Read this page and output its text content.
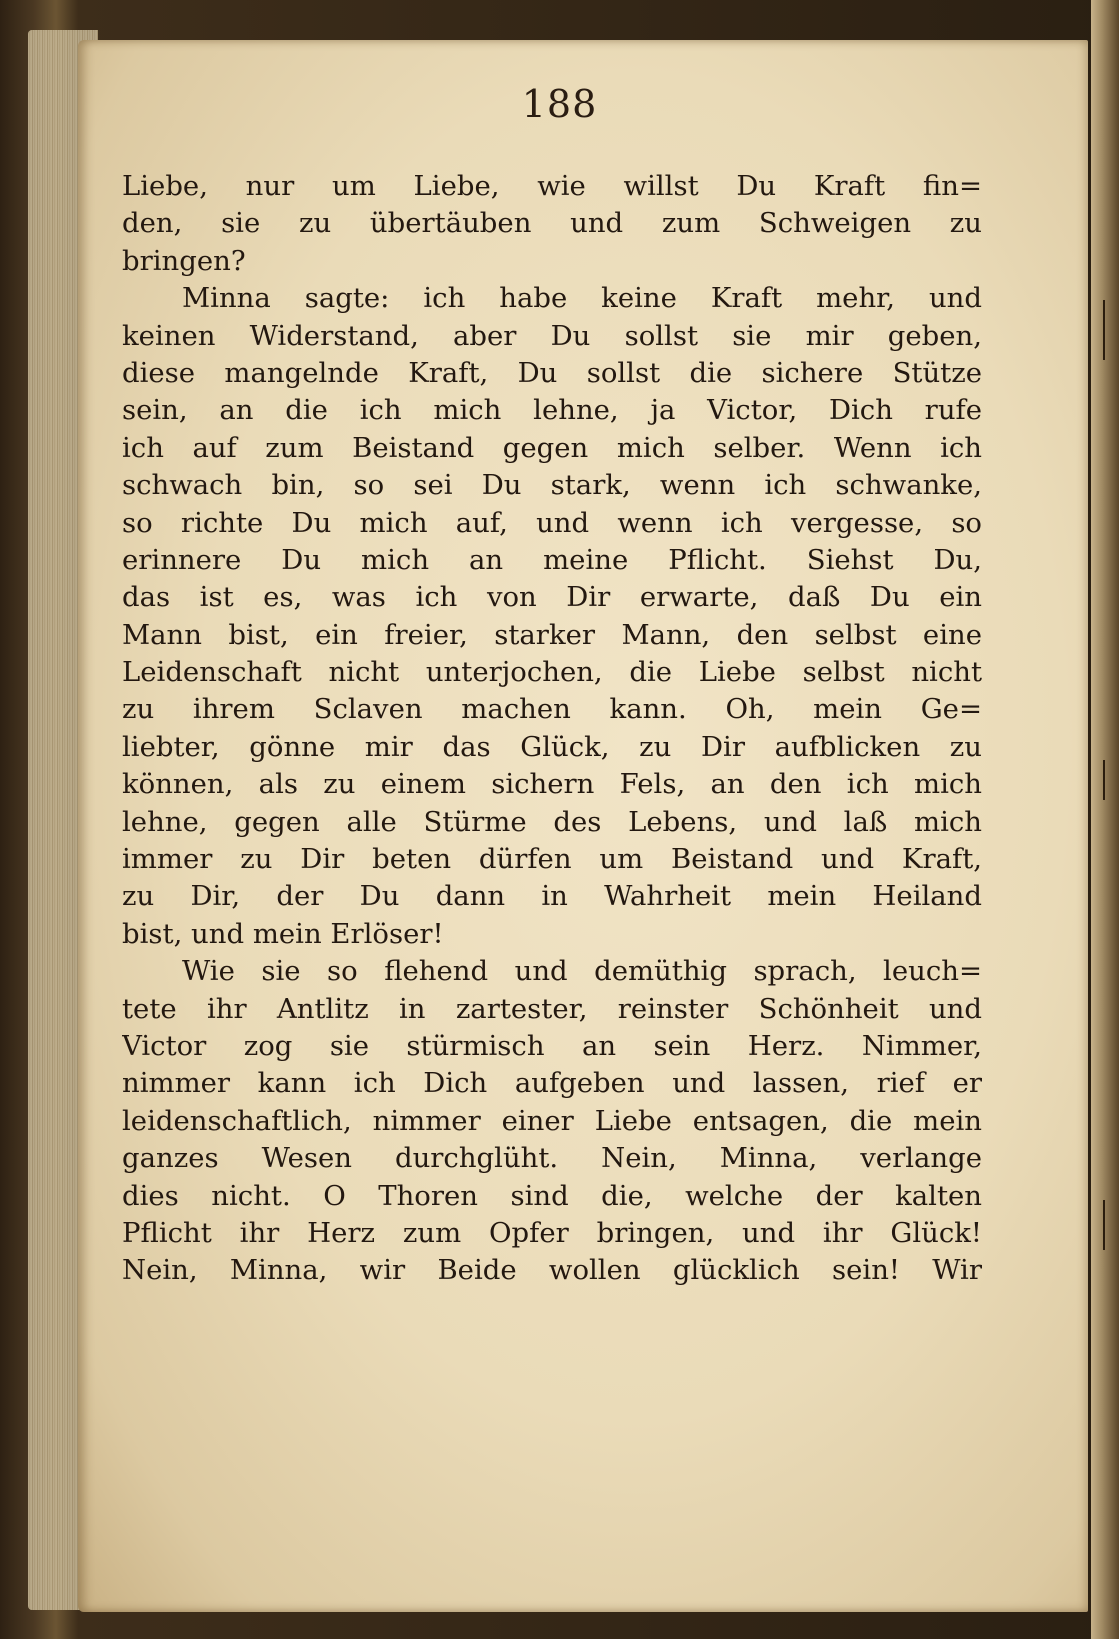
188
Liebe, nur um Liebe, wie willst Du Kraft fin=
den, sie zu übertäuben und zum Schweigen zu
bringen?
Minna sagte: ich habe keine Kraft mehr, und
keinen Widerstand, aber Du sollst sie mir geben,
diese mangelnde Kraft, Du sollst die sichere Stütze
sein, an die ich mich lehne, ja Victor, Dich rufe
ich auf zum Beistand gegen mich selber. Wenn ich
schwach bin, so sei Du stark, wenn ich schwanke,
so richte Du mich auf, und wenn ich vergesse, so
erinnere Du mich an meine Pflicht. Siehst Du,
das ist es, was ich von Dir erwarte, daß Du ein
Mann bist, ein freier, starker Mann, den selbst eine
Leidenschaft nicht unterjochen, die Liebe selbst nicht
zu ihrem Sclaven machen kann. Oh, mein Ge=
liebter, gönne mir das Glück, zu Dir aufblicken zu
können, als zu einem sichern Fels, an den ich mich
lehne, gegen alle Stürme des Lebens, und laß mich
immer zu Dir beten dürfen um Beistand und Kraft,
zu Dir, der Du dann in Wahrheit mein Heiland
bist, und mein Erlöser!
Wie sie so flehend und demüthig sprach, leuch=
tete ihr Antlitz in zartester, reinster Schönheit und
Victor zog sie stürmisch an sein Herz. Nimmer,
nimmer kann ich Dich aufgeben und lassen, rief er
leidenschaftlich, nimmer einer Liebe entsagen, die mein
ganzes Wesen durchglüht. Nein, Minna, verlange
dies nicht. O Thoren sind die, welche der kalten
Pflicht ihr Herz zum Opfer bringen, und ihr Glück!
Nein, Minna, wir Beide wollen glücklich sein! Wir
